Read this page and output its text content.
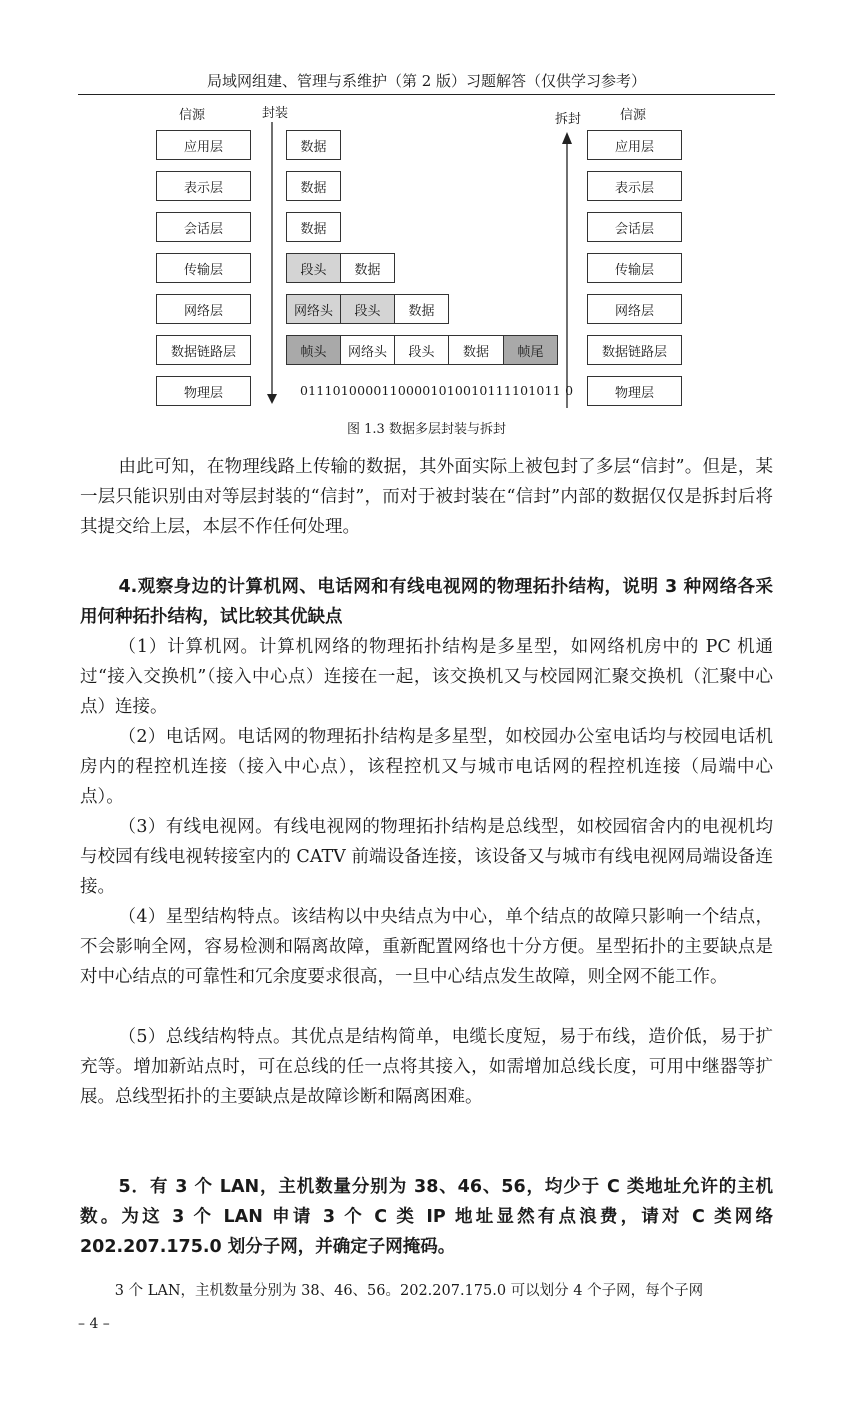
局域网组建、管理与系维护（第 2 版）习题解答（仅供学习参考）
信源	封装	拆封	信源
应用层
表示层
会话层
传输层
网络层
数据链路层
物理层
应用层
表示层
会话层
传输层
网络层
数据链路层
物理层
数据
数据
数据
段头	数据
网络头	段头	数据
帧头	网络头	段头	数据	帧尾
01110100001100001010010111101011 0
图 1.3 数据多层封装与拆封

由此可知，在物理线路上传输的数据，其外面实际上被包封了多层“信封”。但是，某一层只能识别由对等层封装的“信封”，而对于被封装在“信封”内部的数据仅仅是拆封后将其提交给上层，本层不作任何处理。

4.观察身边的计算机网、电话网和有线电视网的物理拓扑结构，说明 3 种网络各采用何种拓扑结构，试比较其优缺点

（1）计算机网。计算机网络的物理拓扑结构是多星型，如网络机房中的 PC 机通过“接入交换机”（接入中心点）连接在一起，该交换机又与校园网汇聚交换机（汇聚中心点）连接。

（2）电话网。电话网的物理拓扑结构是多星型，如校园办公室电话均与校园电话机房内的程控机连接（接入中心点），该程控机又与城市电话网的程控机连接（局端中心点）。

（3）有线电视网。有线电视网的物理拓扑结构是总线型，如校园宿舍内的电视机均与校园有线电视转接室内的 CATV 前端设备连接，该设备又与城市有线电视网局端设备连接。

（4）星型结构特点。该结构以中央结点为中心，单个结点的故障只影响一个结点，不会影响全网，容易检测和隔离故障，重新配置网络也十分方便。星型拓扑的主要缺点是对中心结点的可靠性和冗余度要求很高，一旦中心结点发生故障，则全网不能工作。

（5）总线结构特点。其优点是结构简单，电缆长度短，易于布线，造价低，易于扩充等。增加新站点时，可在总线的任一点将其接入，如需增加总线长度，可用中继器等扩展。总线型拓扑的主要缺点是故障诊断和隔离困难。

5．有 3 个 LAN，主机数量分别为 38、46、56，均少于 C 类地址允许的主机数。为这 3 个 LAN 申请 3 个 C 类 IP 地址显然有点浪费，请对 C 类网络 202.207.175.0 划分子网，并确定子网掩码。

3 个 LAN，主机数量分别为 38、46、56。202.207.175.0 可以划分 4 个子网，每个子网

– 4 –
